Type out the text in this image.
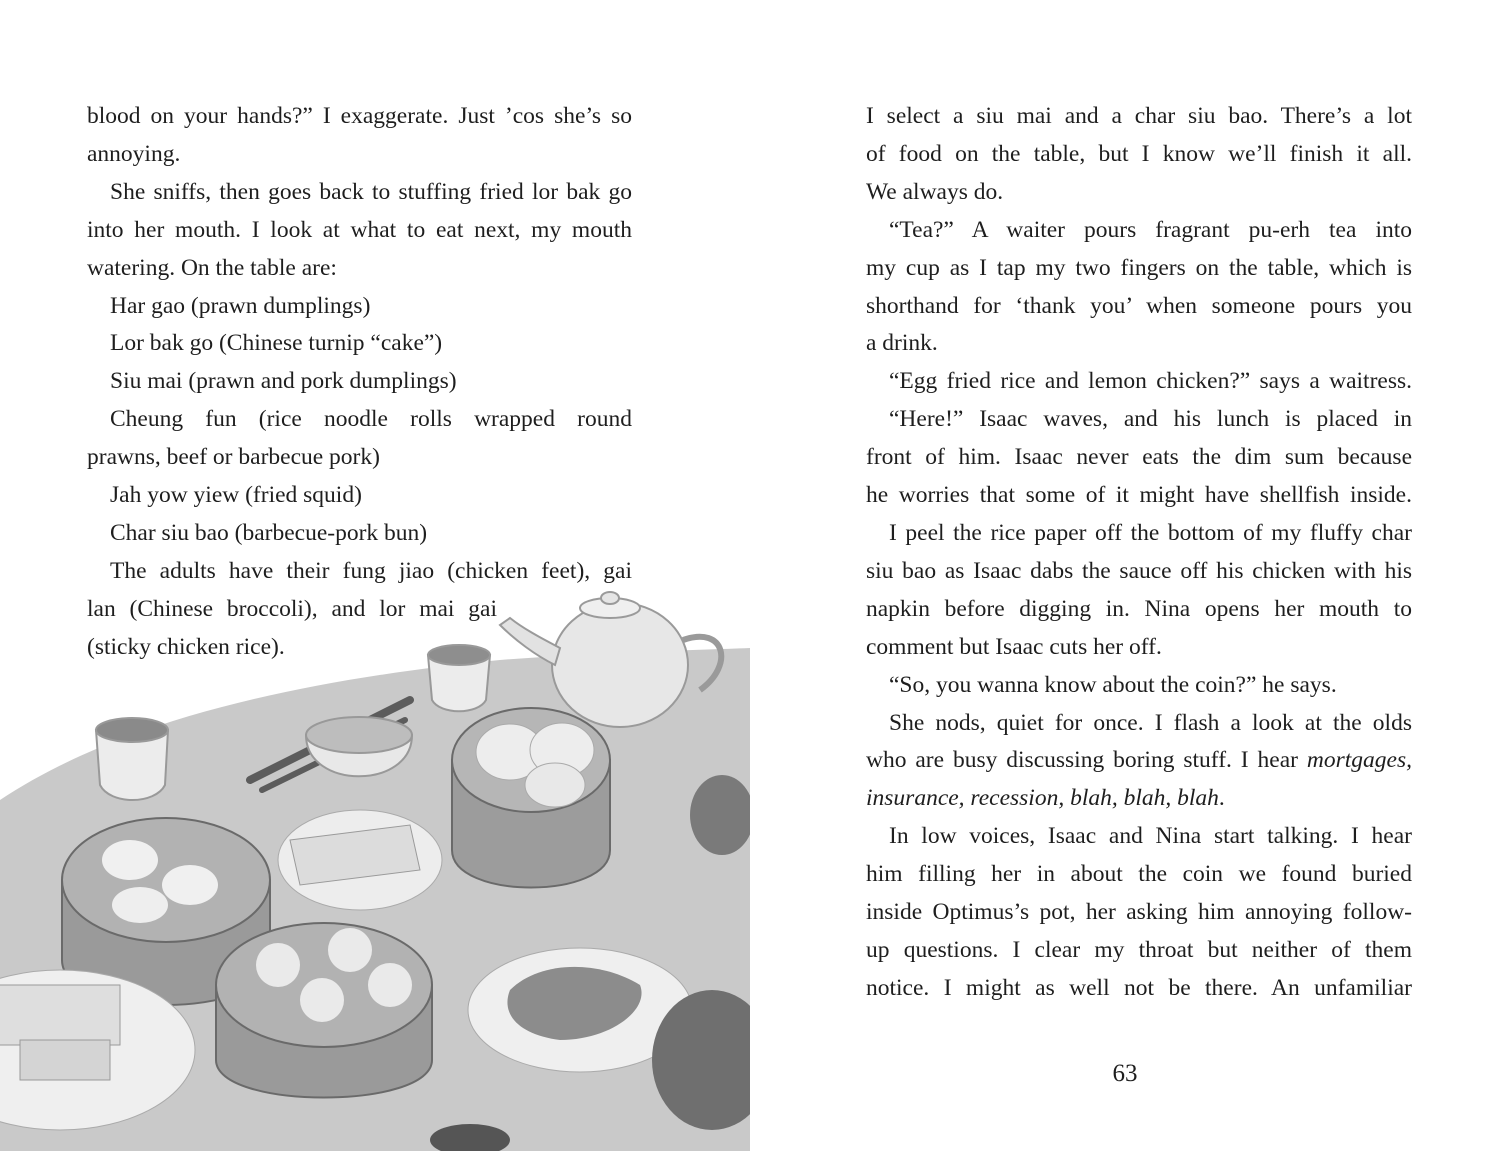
blood on your hands?” I exaggerate. Just ’cos she’s so

annoying.

She sniffs, then goes back to stuffing fried lor bak go

into her mouth. I look at what to eat next, my mouth

watering. On the table are:

Har gao (prawn dumplings)

Lor bak go (Chinese turnip “cake”)

Siu mai (prawn and pork dumplings)

Cheung fun (rice noodle rolls wrapped round

prawns, beef or barbecue pork)

Jah yow yiew (fried squid)

Char siu bao (barbecue-pork bun)

The adults have their fung jiao (chicken feet), gai

lan (Chinese broccoli), and lor mai gai

(sticky chicken rice).

I select a siu mai and a char siu bao. There’s a lot

of food on the table, but I know we’ll finish it all.

We always do.

“Tea?” A waiter pours fragrant pu-erh tea into

my cup as I tap my two fingers on the table, which is

shorthand for ‘thank you’ when someone pours you

a drink.

“Egg fried rice and lemon chicken?” says a waitress.

“Here!” Isaac waves, and his lunch is placed in

front of him. Isaac never eats the dim sum because

he worries that some of it might have shellfish inside.

I peel the rice paper off the bottom of my fluffy char

siu bao as Isaac dabs the sauce off his chicken with his

napkin before digging in. Nina opens her mouth to

comment but Isaac cuts her off.

“So, you wanna know about the coin?” he says.

She nods, quiet for once. I flash a look at the olds

who are busy discussing boring stuff. I hear mortgages,

insurance, recession, blah, blah, blah.

In low voices, Isaac and Nina start talking. I hear

him filling her in about the coin we found buried

inside Optimus’s pot, her asking him annoying follow-

up questions. I clear my throat but neither of them

notice. I might as well not be there. An unfamiliar

63
